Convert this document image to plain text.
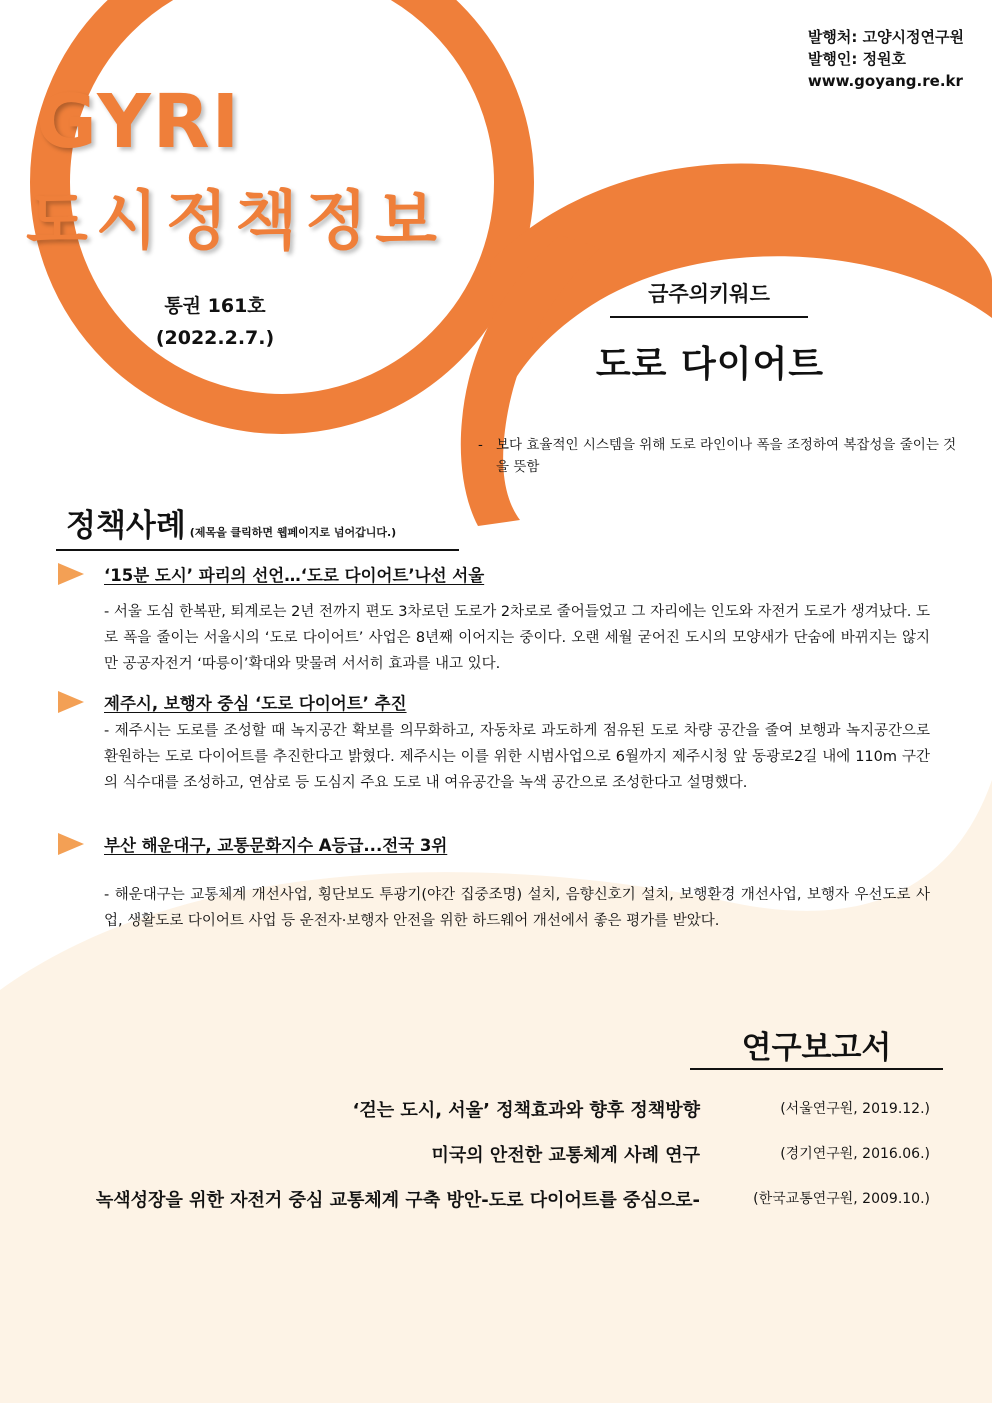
발행처: 고양시정연구원
발행인: 정원호
www.goyang.re.kr
GYRI
도시정책정보
통권 161호
(2022.2.7.)
금주의키워드
도로 다이어트
- 보다 효율적인 시스템을 위해 도로 라인이나 폭을 조정하여 복잡성을 줄이는 것을 뜻함
정책사례 (제목을 클릭하면 웹페이지로 넘어갑니다.)
‘15분 도시’ 파리의 선언…‘도로 다이어트’나선 서울
- 서울 도심 한복판, 퇴계로는 2년 전까지 편도 3차로던 도로가 2차로로 줄어들었고 그 자리에는 인도와 자전거 도로가 생겨났다. 도로 폭을 줄이는 서울시의 ‘도로 다이어트’ 사업은 8년째 이어지는 중이다. 오랜 세월 굳어진 도시의 모양새가 단숨에 바뀌지는 않지만 공공자전거 ‘따릉이’확대와 맞물려 서서히 효과를 내고 있다.
제주시, 보행자 중심 ‘도로 다이어트’ 추진
- 제주시는 도로를 조성할 때 녹지공간 확보를 의무화하고, 자동차로 과도하게 점유된 도로 차량 공간을 줄여 보행과 녹지공간으로 환원하는 도로 다이어트를 추진한다고 밝혔다. 제주시는 이를 위한 시범사업으로 6월까지 제주시청 앞 동광로2길 내에 110m 구간의 식수대를 조성하고, 연삼로 등 도심지 주요 도로 내 여유공간을 녹색 공간으로 조성한다고 설명했다.
부산 해운대구, 교통문화지수 A등급...전국 3위
- 해운대구는 교통체계 개선사업, 횡단보도 투광기(야간 집중조명) 설치, 음향신호기 설치, 보행환경 개선사업, 보행자 우선도로 사업, 생활도로 다이어트 사업 등 운전자·보행자 안전을 위한 하드웨어 개선에서 좋은 평가를 받았다.
연구보고서
‘걷는 도시, 서울’ 정책효과와 향후 정책방향	(서울연구원, 2019.12.)
미국의 안전한 교통체계 사례 연구	(경기연구원, 2016.06.)
녹색성장을 위한 자전거 중심 교통체계 구축 방안-도로 다이어트를 중심으로-	(한국교통연구원, 2009.10.)
